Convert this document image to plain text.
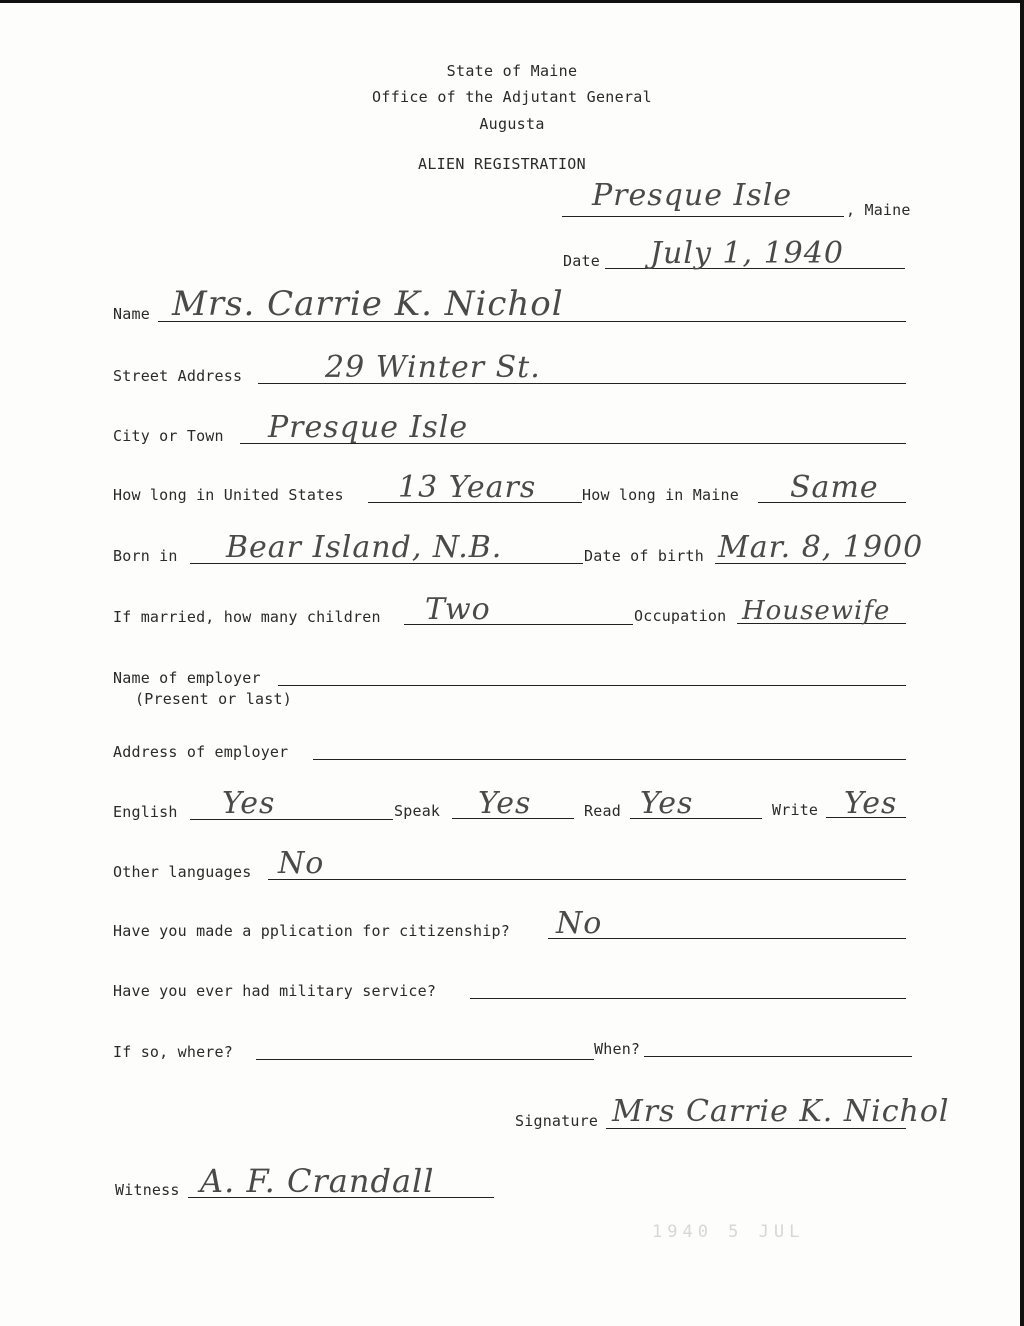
State of Maine
Office of the Adjutant General
Augusta
ALIEN REGISTRATION
Presque Isle	, Maine
Date July 1, 1940
Name Mrs. Carrie K. Nichol
Street Address	29 Winter St.
City or Town Presque Isle
How long in United States 13 Years	How long in Maine Same
Born in Bear Island, N.B.	Date of birth Mar. 8, 1900
If married, how many children Two	Occupation Housewife
Name of employer
(Present or last)
Address of employer
English Yes	Speak Yes	Read Yes	Write Yes
Other languages No
Have you made a pplication for citizenship? No
Have you ever had military service?
If so, where?	When?
Signature Mrs Carrie K. Nichol
Witness A. F. Crandall
1940 5 JUL
